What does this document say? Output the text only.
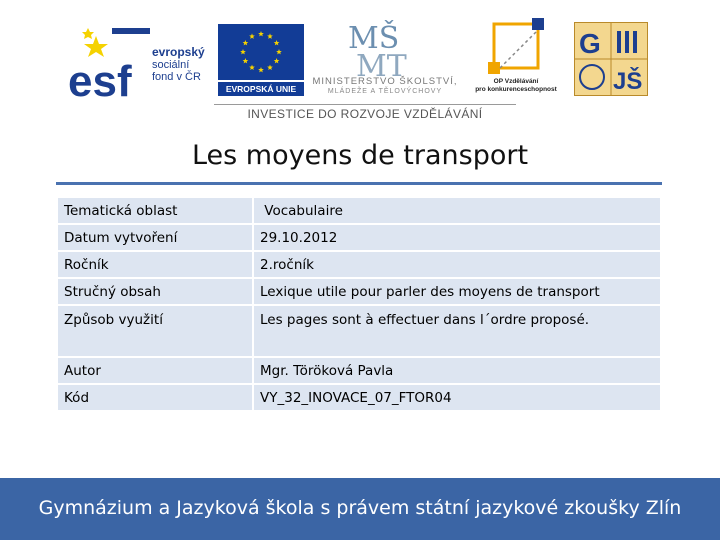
esf
evropský
sociální
fond v ČR
EVROPSKÁ UNIE
MŠ
MT
MINISTERSTVO ŠKOLSTVÍ,
MLÁDEŽE A TĚLOVÝCHOVY
OP Vzdělávání
pro konkurenceschopnost
G
JŠ
INVESTICE DO ROZVOJE VZDĚLÁVÁNÍ
Les moyens de transport
Tematická oblast	Vocabulaire
Datum vytvoření	29.10.2012
Ročník	2.ročník
Stručný obsah	Lexique utile pour parler des moyens de transport
Způsob využití	Les pages sont à effectuer dans l´ordre proposé.
Autor	Mgr. Töröková Pavla
Kód	VY_32_INOVACE_07_FTOR04
Gymnázium a Jazyková škola s právem státní jazykové zkoušky Zlín
